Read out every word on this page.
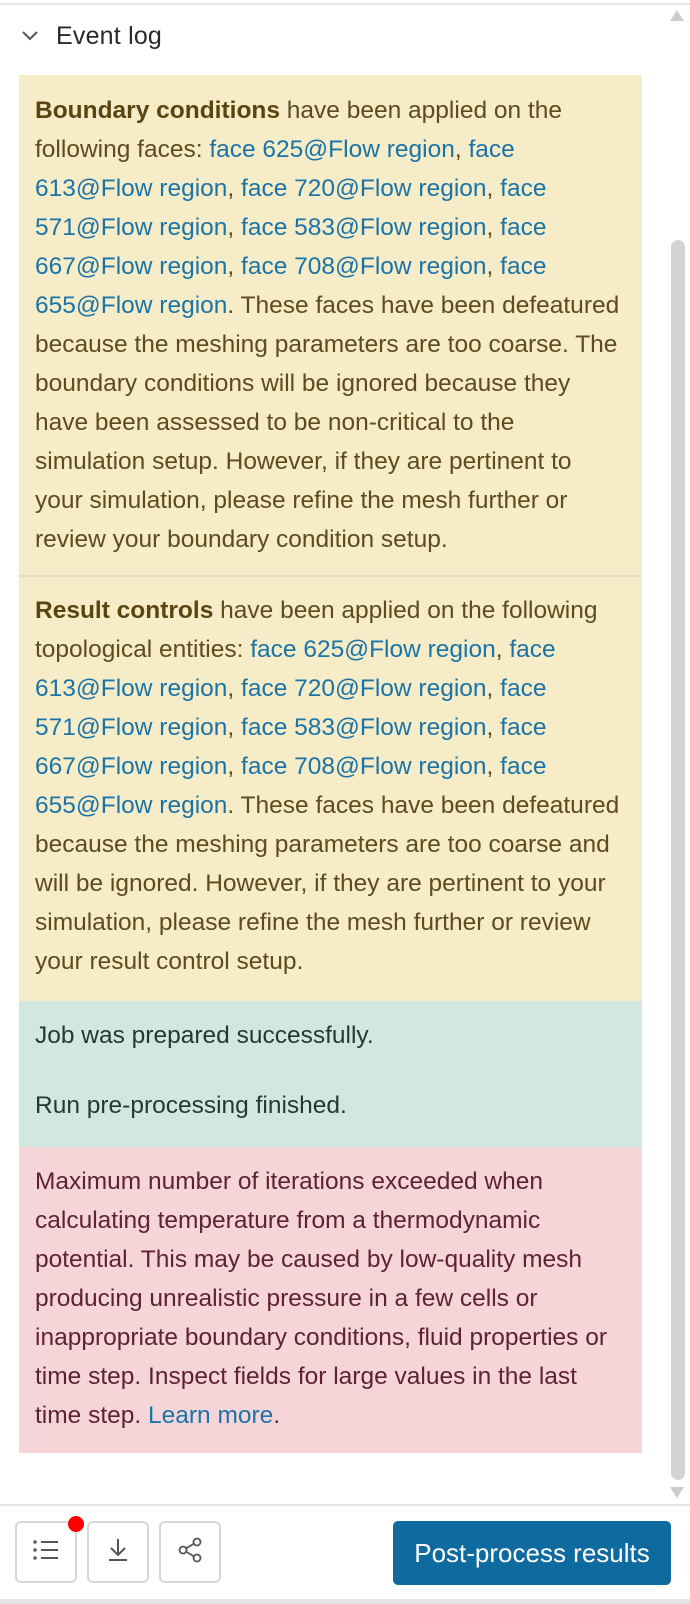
Event log
Boundary conditions have been applied on the following faces: face 625@Flow region, face 613@Flow region, face 720@Flow region, face 571@Flow region, face 583@Flow region, face 667@Flow region, face 708@Flow region, face 655@Flow region. These faces have been defeatured because the meshing parameters are too coarse. The boundary conditions will be ignored because they have been assessed to be non-critical to the simulation setup. However, if they are pertinent to your simulation, please refine the mesh further or review your boundary condition setup.
Result controls have been applied on the following topological entities: face 625@Flow region, face 613@Flow region, face 720@Flow region, face 571@Flow region, face 583@Flow region, face 667@Flow region, face 708@Flow region, face 655@Flow region. These faces have been defeatured because the meshing parameters are too coarse and will be ignored. However, if they are pertinent to your simulation, please refine the mesh further or review your result control setup.
Job was prepared successfully.
Run pre-processing finished.
Maximum number of iterations exceeded when calculating temperature from a thermodynamic potential. This may be caused by low-quality mesh producing unrealistic pressure in a few cells or inappropriate boundary conditions, fluid properties or time step. Inspect fields for large values in the last time step. Learn more.
Post-process results
